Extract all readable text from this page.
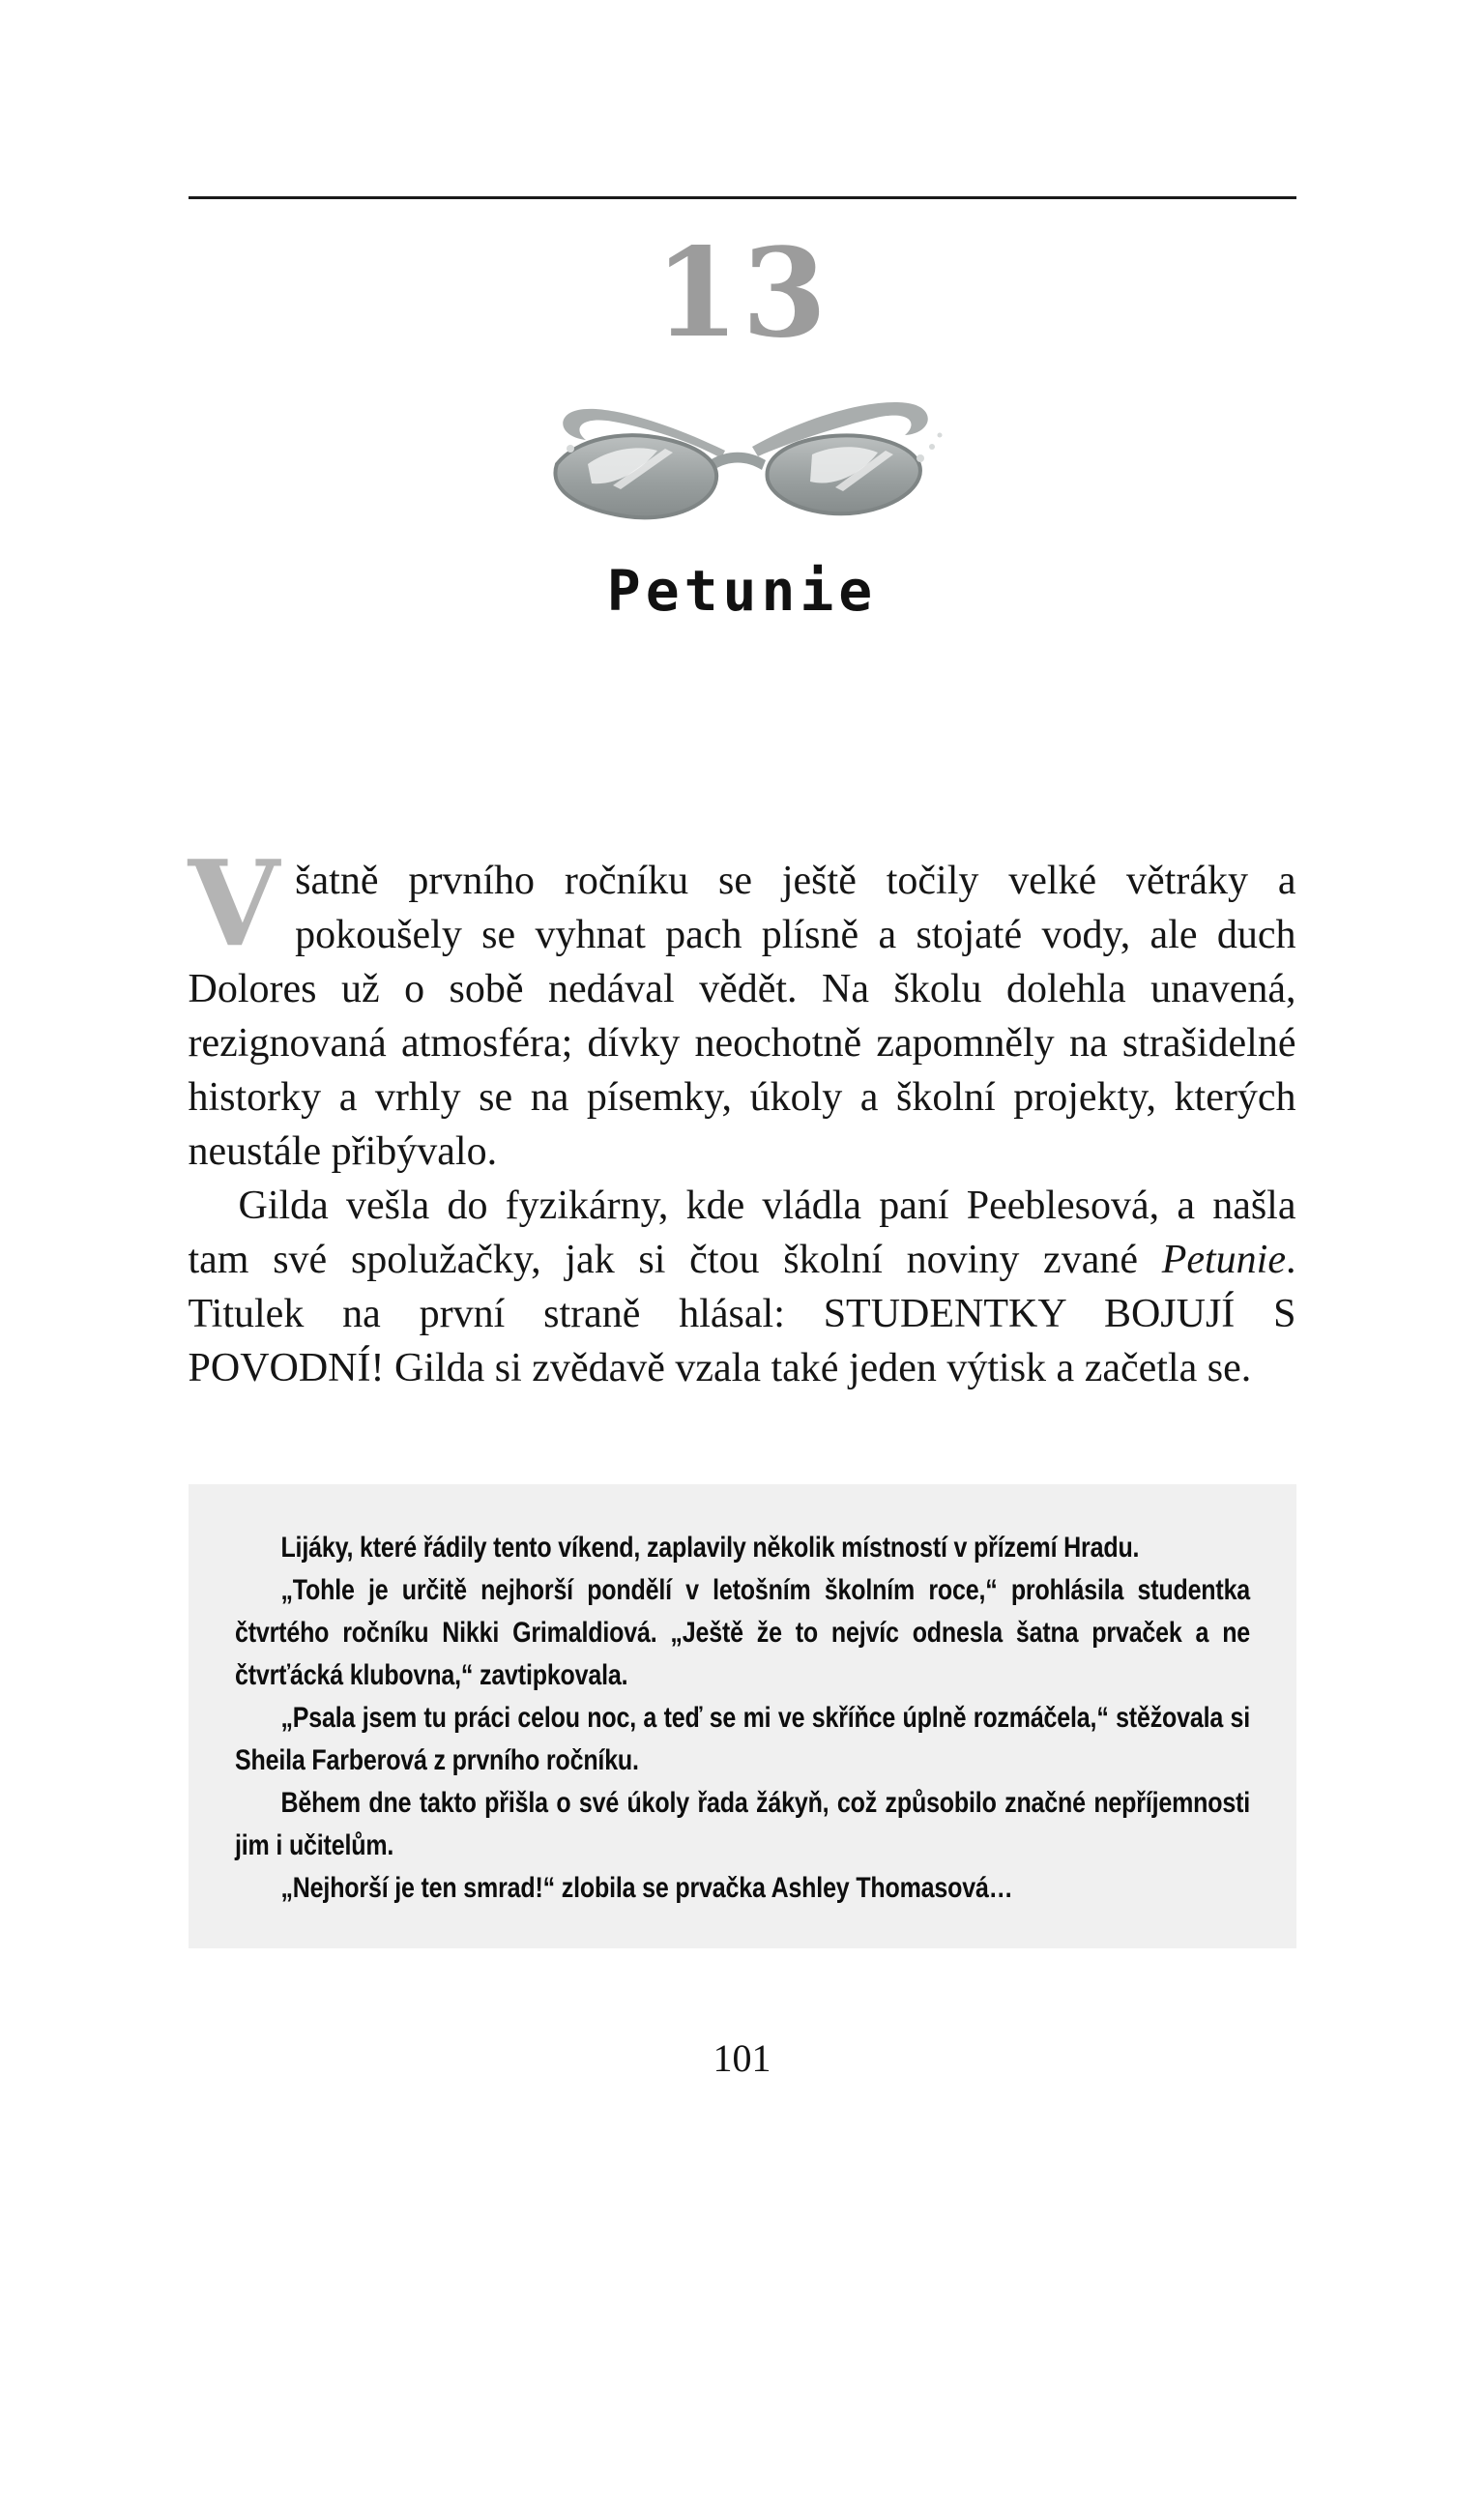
13
Petunie

Všatně prvního ročníku se ještě točily velké větráky a pokoušely se vyhnat pach plísně a stojaté vody, ale duch Dolores už o sobě nedával vědět. Na školu dolehla unavená, rezignovaná atmosféra; dívky neochotně zapomněly na strašidelné historky a vrhly se na písemky, úkoly a školní projekty, kterých neustále přibývalo.

Gilda vešla do fyzikárny, kde vládla paní Peeblesová, a našla tam své spolužačky, jak si čtou školní noviny zvané Petunie. Titulek na první straně hlásal: STUDENTKY BOJUJÍ S POVODNÍ! Gilda si zvědavě vzala také jeden výtisk a začetla se.

Lijáky, které řádily tento víkend, zaplavily několik místností v přízemí Hradu.

„Tohle je určitě nejhorší pondělí v letošním školním roce,“ prohlásila studentka čtvrtého ročníku Nikki Grimaldiová. „Ještě že to nejvíc odnesla šatna prvaček a ne čtvrťácká klubovna,“ zavtipkovala.

„Psala jsem tu práci celou noc, a teď se mi ve skříňce úplně rozmáčela,“ stěžovala si Sheila Farberová z prvního ročníku.

Během dne takto přišla o své úkoly řada žákyň, což způsobilo značné nepříjemnosti jim i učitelům.

„Nejhorší je ten smrad!“ zlobila se prvačka Ashley Thomasová…

101
